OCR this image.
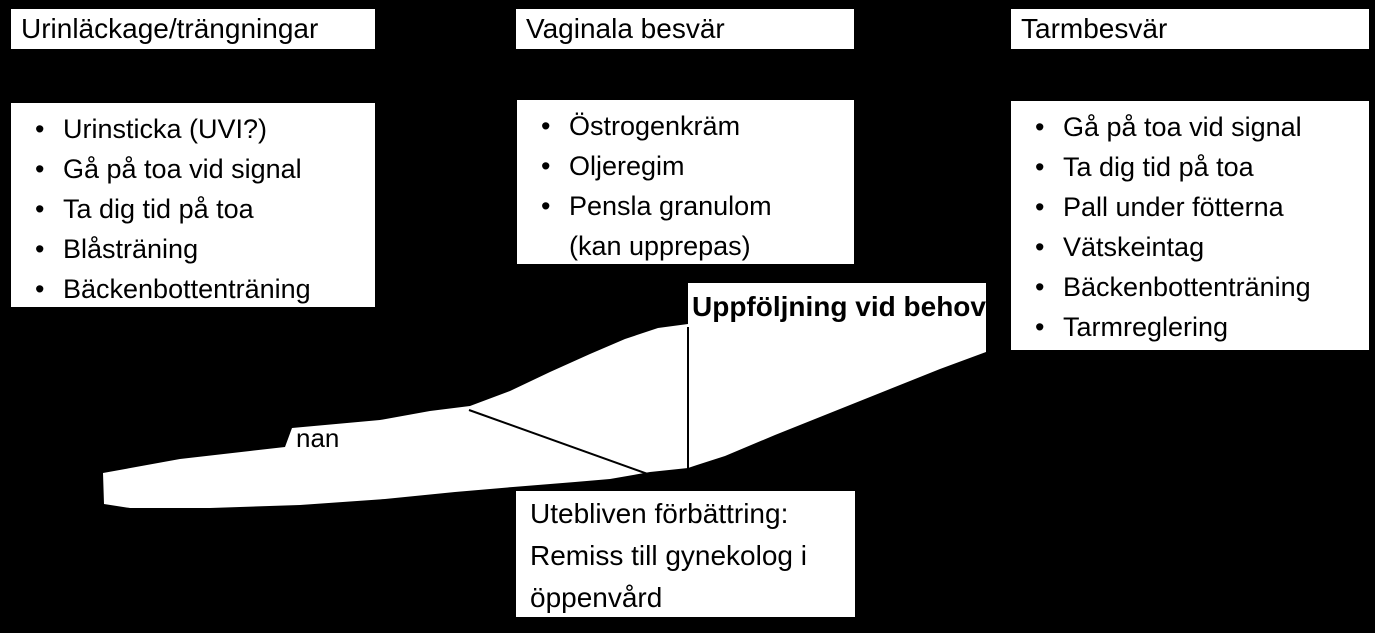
nan
Urinläckage/trängningar
• Urinsticka (UVI?)
• Gå på toa vid signal
• Ta dig tid på toa
• Blåsträning
• Bäckenbottenträning
Vaginala besvär
• Östrogenkräm
• Oljeregim
• Pensla granulom
(kan upprepas)
Tarmbesvär
• Gå på toa vid signal
• Ta dig tid på toa
• Pall under fötterna
• Vätskeintag
• Bäckenbottenträning
• Tarmreglering
Uppföljning vid behov
Utebliven förbättring:
Remiss till gynekolog i
öppenvård
